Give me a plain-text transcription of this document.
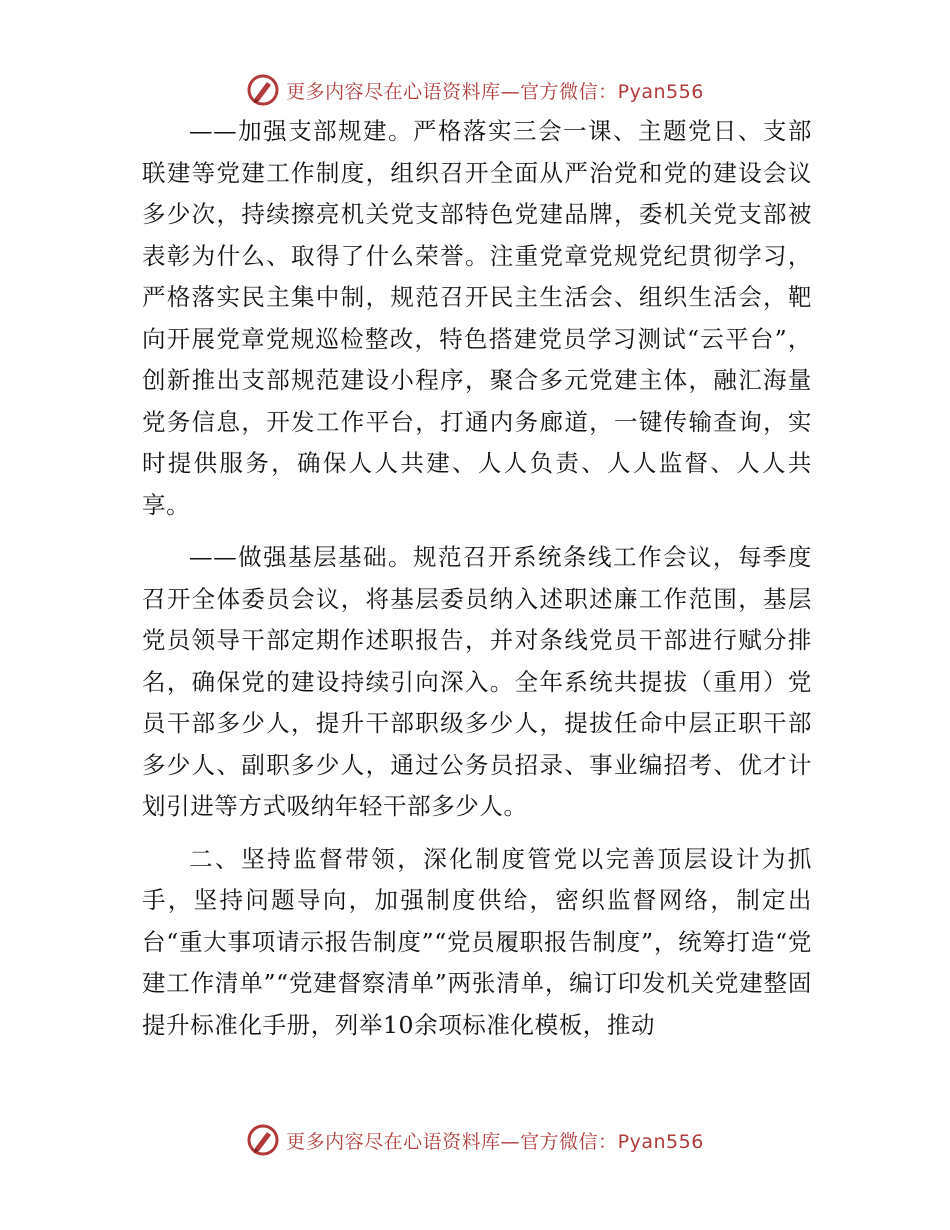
更多内容尽在心语资料库—官方微信：Pyan556

——加强支部规建。严格落实三会一课、主题党日、支部联建等党建工作制度，组织召开全面从严治党和党的建设会议多少次，持续擦亮机关党支部特色党建品牌，委机关党支部被表彰为什么、取得了什么荣誉。注重党章党规党纪贯彻学习，严格落实民主集中制，规范召开民主生活会、组织生活会，靶向开展党章党规巡检整改，特色搭建党员学习测试“云平台”，创新推出支部规范建设小程序，聚合多元党建主体，融汇海量党务信息，开发工作平台，打通内务廊道，一键传输查询，实时提供服务，确保人人共建、人人负责、人人监督、人人共享。

——做强基层基础。规范召开系统条线工作会议，每季度召开全体委员会议，将基层委员纳入述职述廉工作范围，基层党员领导干部定期作述职报告，并对条线党员干部进行赋分排名，确保党的建设持续引向深入。全年系统共提拔（重用）党员干部多少人，提升干部职级多少人，提拔任命中层正职干部多少人、副职多少人，通过公务员招录、事业编招考、优才计划引进等方式吸纳年轻干部多少人。

二、坚持监督带领，深化制度管党以完善顶层设计为抓手，坚持问题导向，加强制度供给，密织监督网络，制定出台“重大事项请示报告制度”“党员履职报告制度”，统筹打造“党建工作清单”“党建督察清单”两张清单，编订印发机关党建整固提升标准化手册，列举10余项标准化模板，推动

更多内容尽在心语资料库—官方微信：Pyan556
